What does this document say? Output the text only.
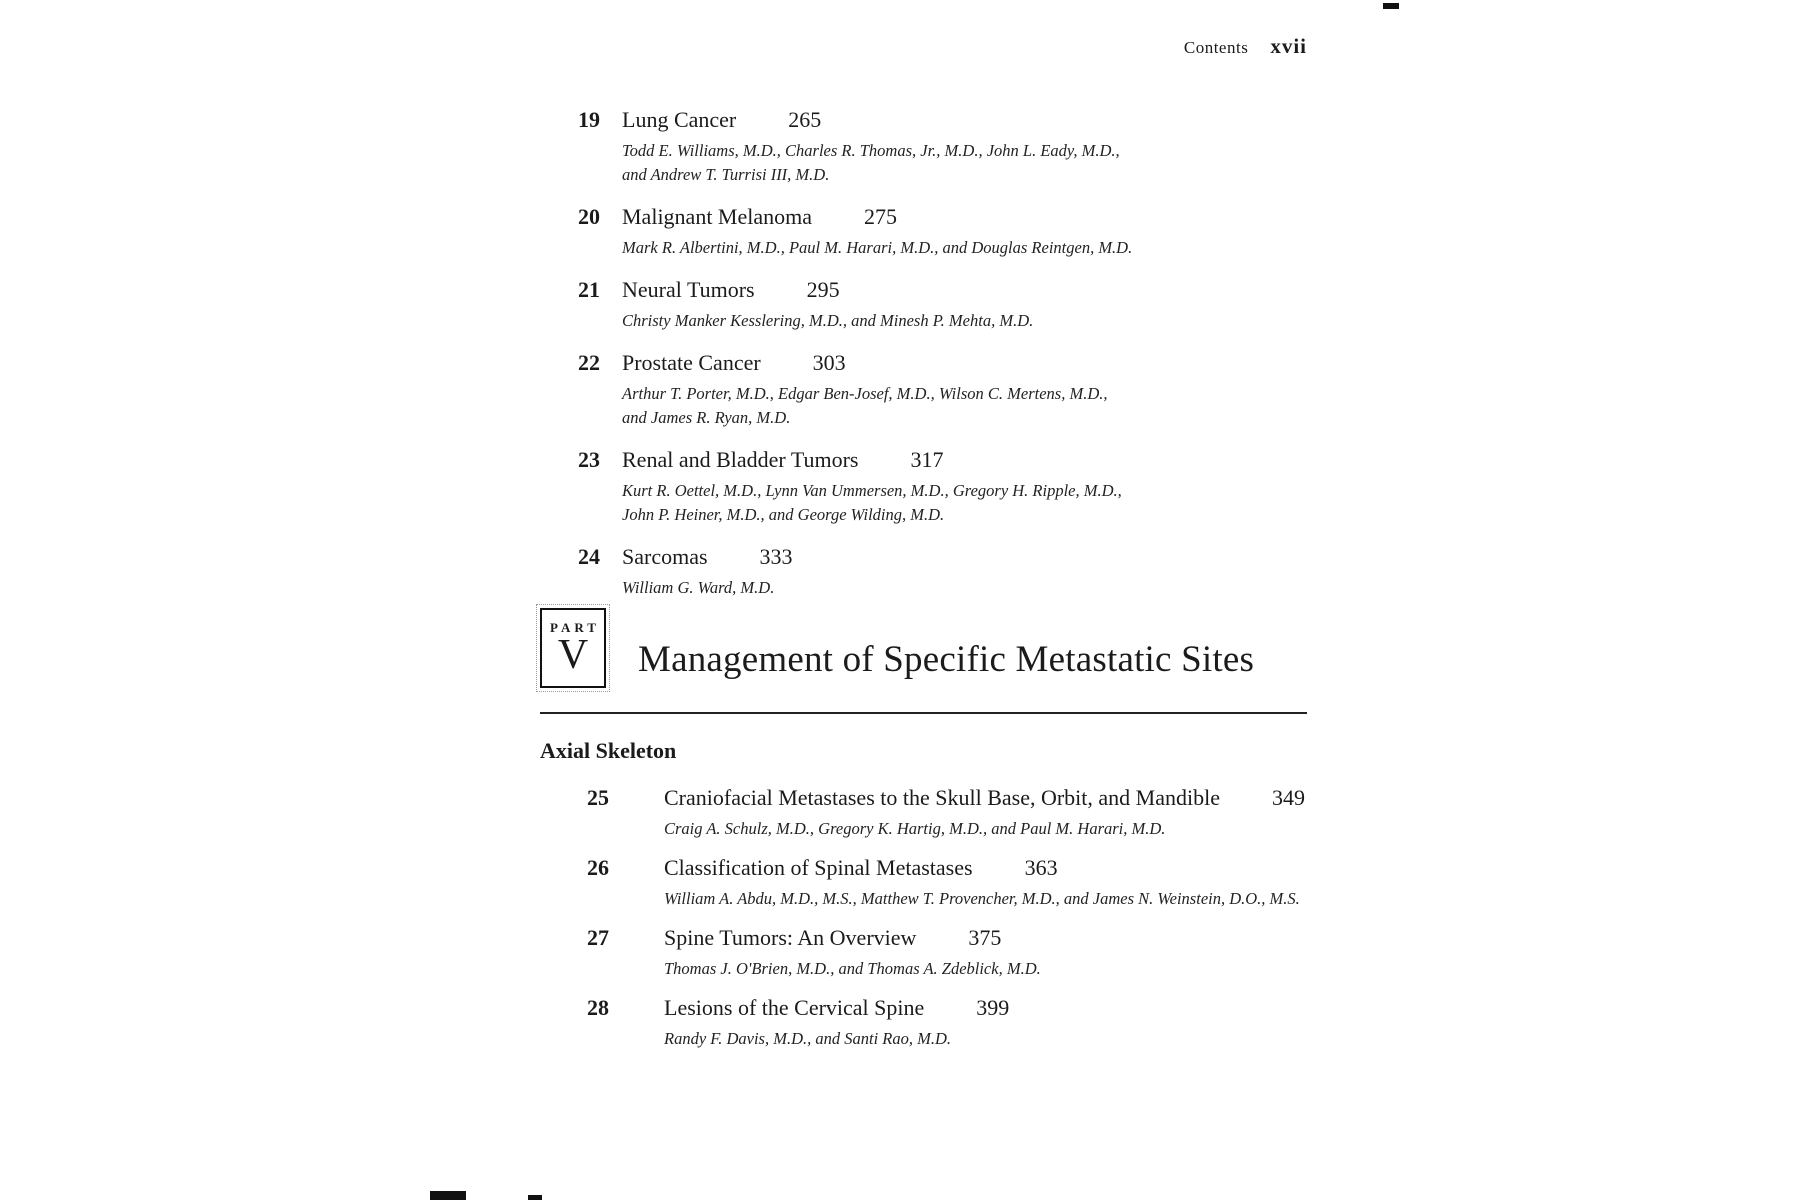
Contents xvii
19	Lung Cancer 265
Todd E. Williams, M.D., Charles R. Thomas, Jr., M.D., John L. Eady, M.D.,
and Andrew T. Turrisi III, M.D.
20	Malignant Melanoma 275
Mark R. Albertini, M.D., Paul M. Harari, M.D., and Douglas Reintgen, M.D.
21	Neural Tumors 295
Christy Manker Kesslering, M.D., and Minesh P. Mehta, M.D.
22	Prostate Cancer 303
Arthur T. Porter, M.D., Edgar Ben-Josef, M.D., Wilson C. Mertens, M.D.,
and James R. Ryan, M.D.
23	Renal and Bladder Tumors 317
Kurt R. Oettel, M.D., Lynn Van Ummersen, M.D., Gregory H. Ripple, M.D.,
John P. Heiner, M.D., and George Wilding, M.D.
24	Sarcomas 333
William G. Ward, M.D.
PART
V	Management of Specific Metastatic Sites
Axial Skeleton
25	Craniofacial Metastases to the Skull Base, Orbit, and Mandible 349
Craig A. Schulz, M.D., Gregory K. Hartig, M.D., and Paul M. Harari, M.D.
26	Classification of Spinal Metastases 363
William A. Abdu, M.D., M.S., Matthew T. Provencher, M.D., and James N. Weinstein, D.O., M.S.
27	Spine Tumors: An Overview 375
Thomas J. O'Brien, M.D., and Thomas A. Zdeblick, M.D.
28	Lesions of the Cervical Spine 399
Randy F. Davis, M.D., and Santi Rao, M.D.
